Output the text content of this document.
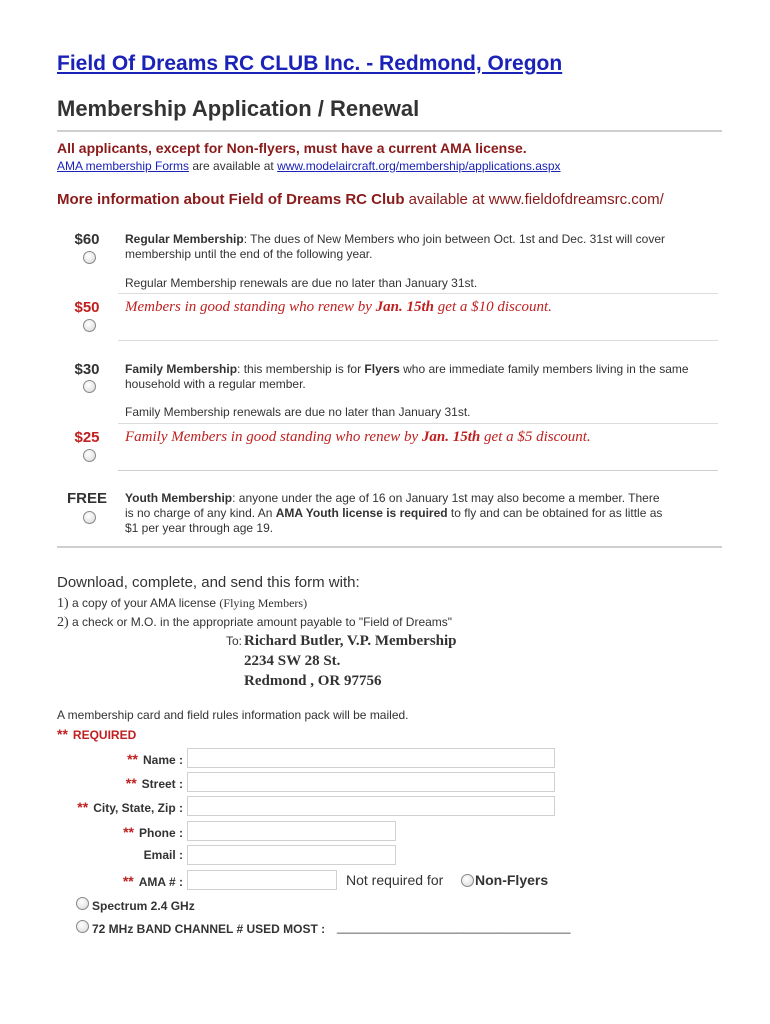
Field Of Dreams RC CLUB Inc. - Redmond, Oregon
Membership Application / Renewal
All applicants, except for Non-flyers, must have a current AMA license.
AMA membership Forms are available at www.modelaircraft.org/membership/applications.aspx
More information about Field of Dreams RC Club available at www.fieldofdreamsrc.com/
$60	Regular Membership: The dues of New Members who join between Oct. 1st and Dec. 31st will cover membership until the end of the following year.
Regular Membership renewals are due no later than January 31st.
$50	Members in good standing who renew by Jan. 15th get a $10 discount.
$30	Family Membership: this membership is for Flyers who are immediate family members living in the same household with a regular member.
Family Membership renewals are due no later than January 31st.
$25	Family Members in good standing who renew by Jan. 15th get a $5 discount.
FREE	Youth Membership: anyone under the age of 16 on January 1st may also become a member. There is no charge of any kind. An AMA Youth license is required to fly and can be obtained for as little as $1 per year through age 19.
Download, complete, and send this form with:
1) a copy of your AMA license (Flying Members)
2) a check or M.O. in the appropriate amount payable to "Field of Dreams"
To: Richard Butler, V.P. Membership
2234 SW 28 St.
Redmond , OR 97756
A membership card and field rules information pack will be mailed.
** REQUIRED
** Name :
** Street :
** City, State, Zip :
** Phone :
Email :
** AMA # :	Not required for Non-Flyers
Spectrum 2.4 GHz
72 MHz BAND CHANNEL # USED MOST : ___________________________________
